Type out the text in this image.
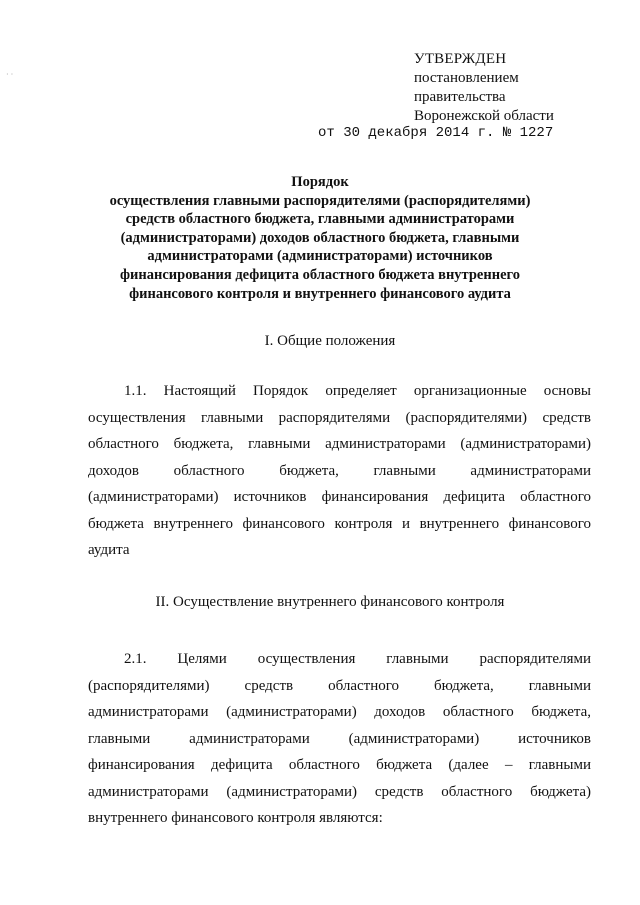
· ·
УТВЕРЖДЕН
постановлением
правительства
Воронежской области
от 30 декабря 2014 г. № 1227
Порядок
осуществления главными распорядителями (распорядителями)
средств областного бюджета, главными администраторами
(администраторами) доходов областного бюджета, главными
администраторами (администраторами) источников
финансирования дефицита областного бюджета внутреннего
финансового контроля и внутреннего финансового аудита
I. Общие положения
1.1. Настоящий Порядок определяет организационные основы
осуществления главными распорядителями (распорядителями) средств
областного бюджета, главными администраторами (администраторами)
доходов областного бюджета, главными администраторами
(администраторами) источников финансирования дефицита областного
бюджета внутреннего финансового контроля и внутреннего финансового
аудита
II. Осуществление внутреннего финансового контроля
2.1. Целями осуществления главными распорядителями
(распорядителями) средств областного бюджета, главными
администраторами (администраторами) доходов областного бюджета,
главными администраторами (администраторами) источников
финансирования дефицита областного бюджета (далее – главными
администраторами (администраторами) средств областного бюджета)
внутреннего финансового контроля являются:
